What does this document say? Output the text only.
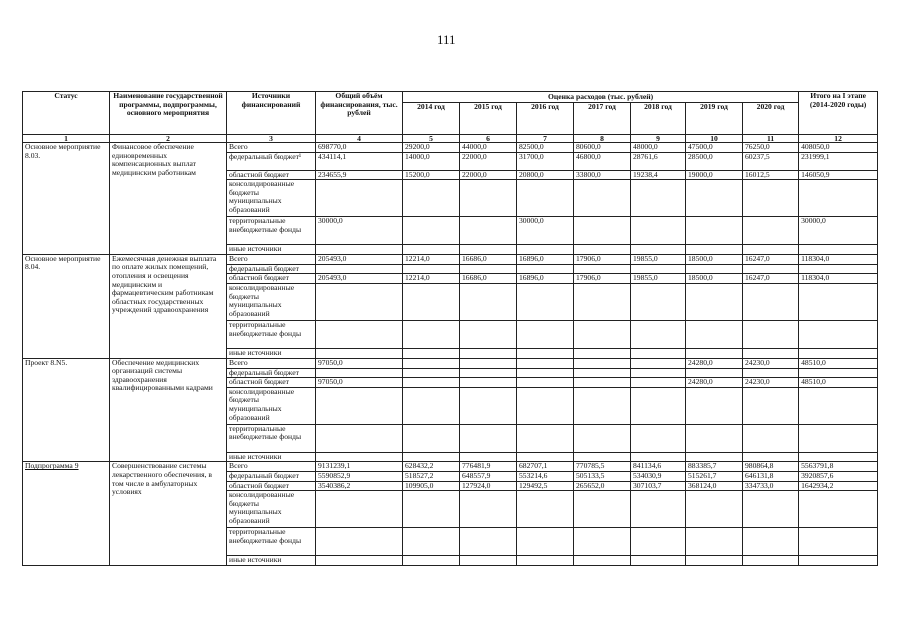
111
Статус	Наименование государственной программы, подпрограммы, основного мероприятия	Источники финансирований	Общий объём финансирования, тыс. рублей	Оценка расходов (тыс. рублей)							Итого на I этапе (2014-2020 годы)
				2014 год	2015 год	2016 год	2017 год	2018 год	2019 год	2020 год	
1	2	3	4	5	6	7	8	9	10	11	12
Основное мероприятие 8.03.	Финансовое обеспечение единовременных компенсационных выплат медицинским работникам	Всего	698770,0	29200,0	44000,0	82500,0	80600,0	48000,0	47500,0	76250,0	408050,0
		федеральный бюджет¹	434114,1	14000,0	22000,0	31700,0	46800,0	28761,6	28500,0	60237,5	231999,1
		областной бюджет	234655,9	15200,0	22000,0	20800,0	33800,0	19238,4	19000,0	16012,5	146050,9
		консолидированные бюджеты муниципальных образований									
		территориальные внебюджетные фонды	30000,0			30000,0					30000,0
		иные источники									
Основное мероприятие 8.04.	Ежемесячная денежная выплата по оплате жилых помещений, отопления и освещения медицинским и фармацевтическим работникам областных государственных учреждений здравоохранения	Всего	205493,0	12214,0	16686,0	16896,0	17906,0	19855,0	18500,0	16247,0	118304,0
		федеральный бюджет									
		областной бюджет	205493,0	12214,0	16686,0	16896,0	17906,0	19855,0	18500,0	16247,0	118304,0
		консолидированные бюджеты муниципальных образований									
		территориальные внебюджетные фонды									
		иные источники									
Проект 8.N5.	Обеспечение медицинских организаций системы здравоохранения квалифицированными кадрами	Всего	97050,0						24280,0	24230,0	48510,0
		федеральный бюджет									
		областной бюджет	97050,0						24280,0	24230,0	48510,0
		консолидированные бюджеты муниципальных образований									
		территориальные внебюджетные фонды									
		иные источники									
Подпрограмма 9	Совершенствование системы лекарственного обеспечения, в том числе в амбулаторных условиях	Всего	9131239,1	628432,2	776481,9	682707,1	770785,5	841134,6	883385,7	980864,8	5563791,8
		федеральный бюджет	5590852,9	518527,2	648557,9	553214,6	505133,5	534030,9	515261,7	646131,8	3920857,6
		областной бюджет	3540386,2	109905,0	127924,0	129492,5	265652,0	307103,7	368124,0	334733,0	1642934,2
		консолидированные бюджеты муниципальных образований									
		территориальные внебюджетные фонды									
		иные источники									
